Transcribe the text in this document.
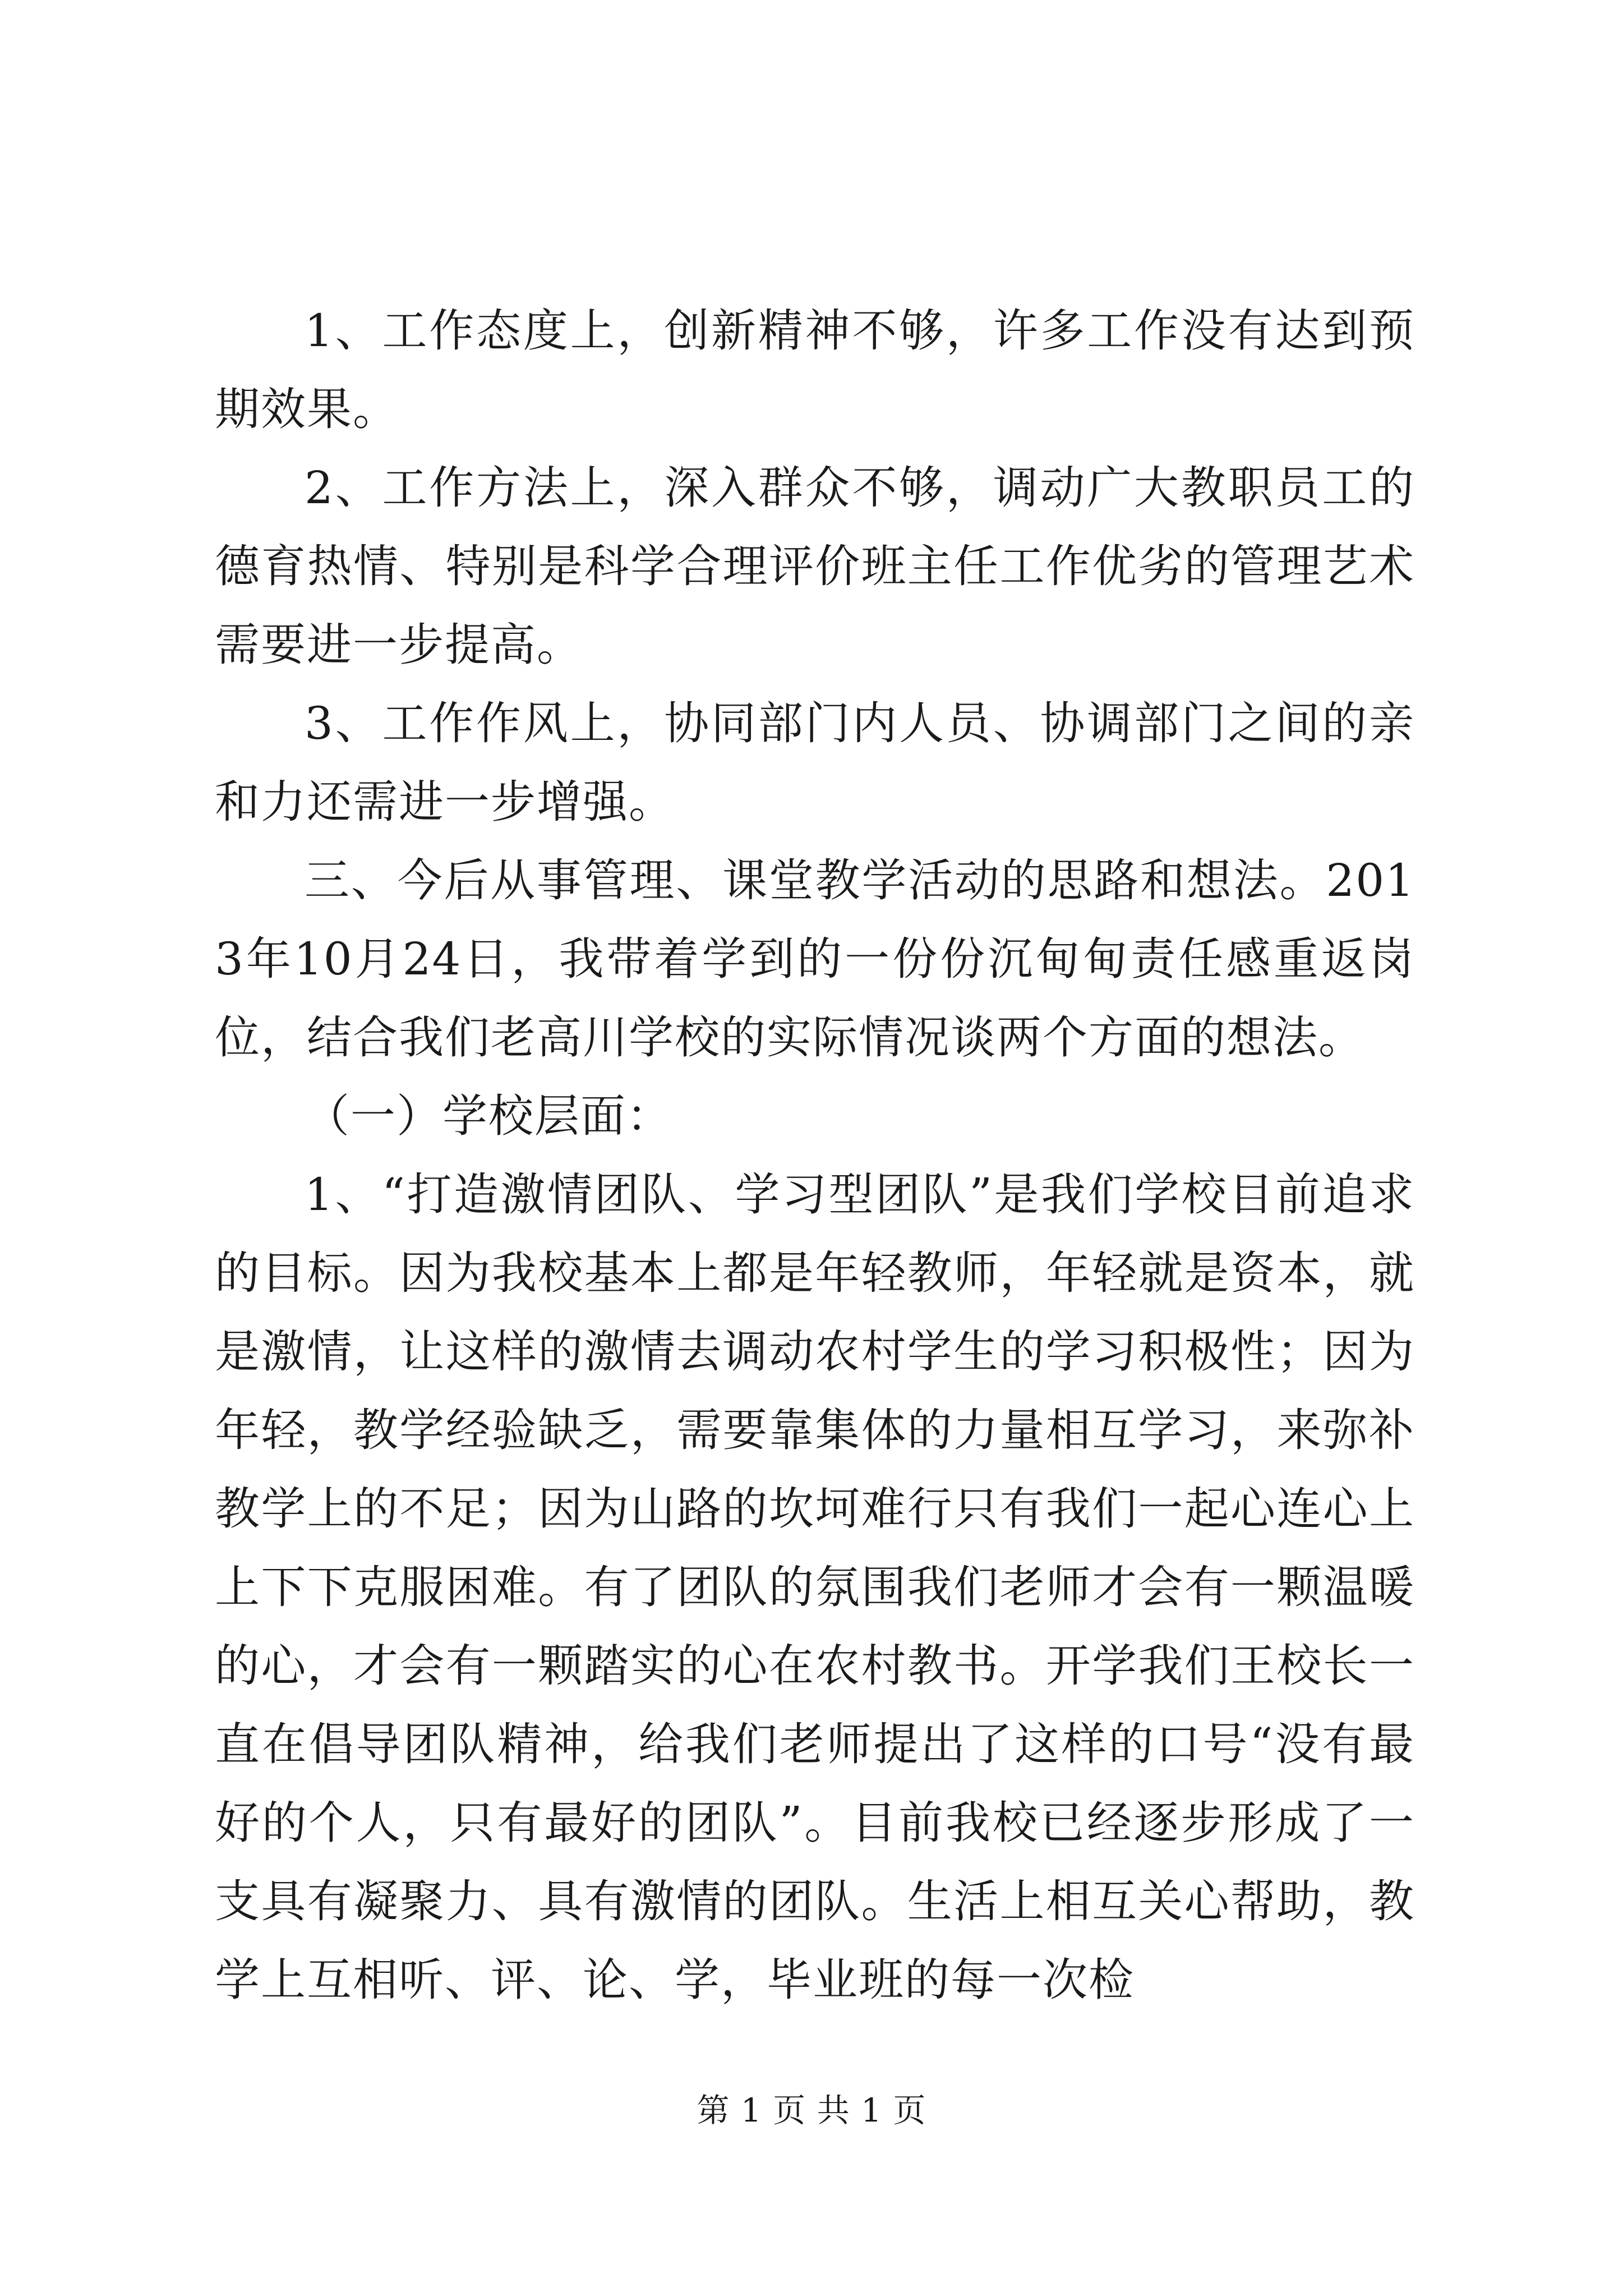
1、工作态度上，创新精神不够，许多工作没有达到预期效果。

2、工作方法上，深入群众不够，调动广大教职员工的德育热情、特别是科学合理评价班主任工作优劣的管理艺术需要进一步提高。

3、工作作风上，协同部门内人员、协调部门之间的亲和力还需进一步增强。

三、今后从事管理、课堂教学活动的思路和想法。2013年10月24日，我带着学到的一份份沉甸甸责任感重返岗位，结合我们老高川学校的实际情况谈两个方面的想法。

（一）学校层面：

1、“打造激情团队、学习型团队”是我们学校目前追求的目标。因为我校基本上都是年轻教师，年轻就是资本，就是激情，让这样的激情去调动农村学生的学习积极性；因为年轻，教学经验缺乏，需要靠集体的力量相互学习，来弥补教学上的不足；因为山路的坎坷难行只有我们一起心连心上上下下克服困难。有了团队的氛围我们老师才会有一颗温暖的心，才会有一颗踏实的心在农村教书。开学我们王校长一直在倡导团队精神，给我们老师提出了这样的口号“没有最好的个人，只有最好的团队”。目前我校已经逐步形成了一支具有凝聚力、具有激情的团队。生活上相互关心帮助，教学上互相听、评、论、学，毕业班的每一次检

第 1 页 共 1 页
